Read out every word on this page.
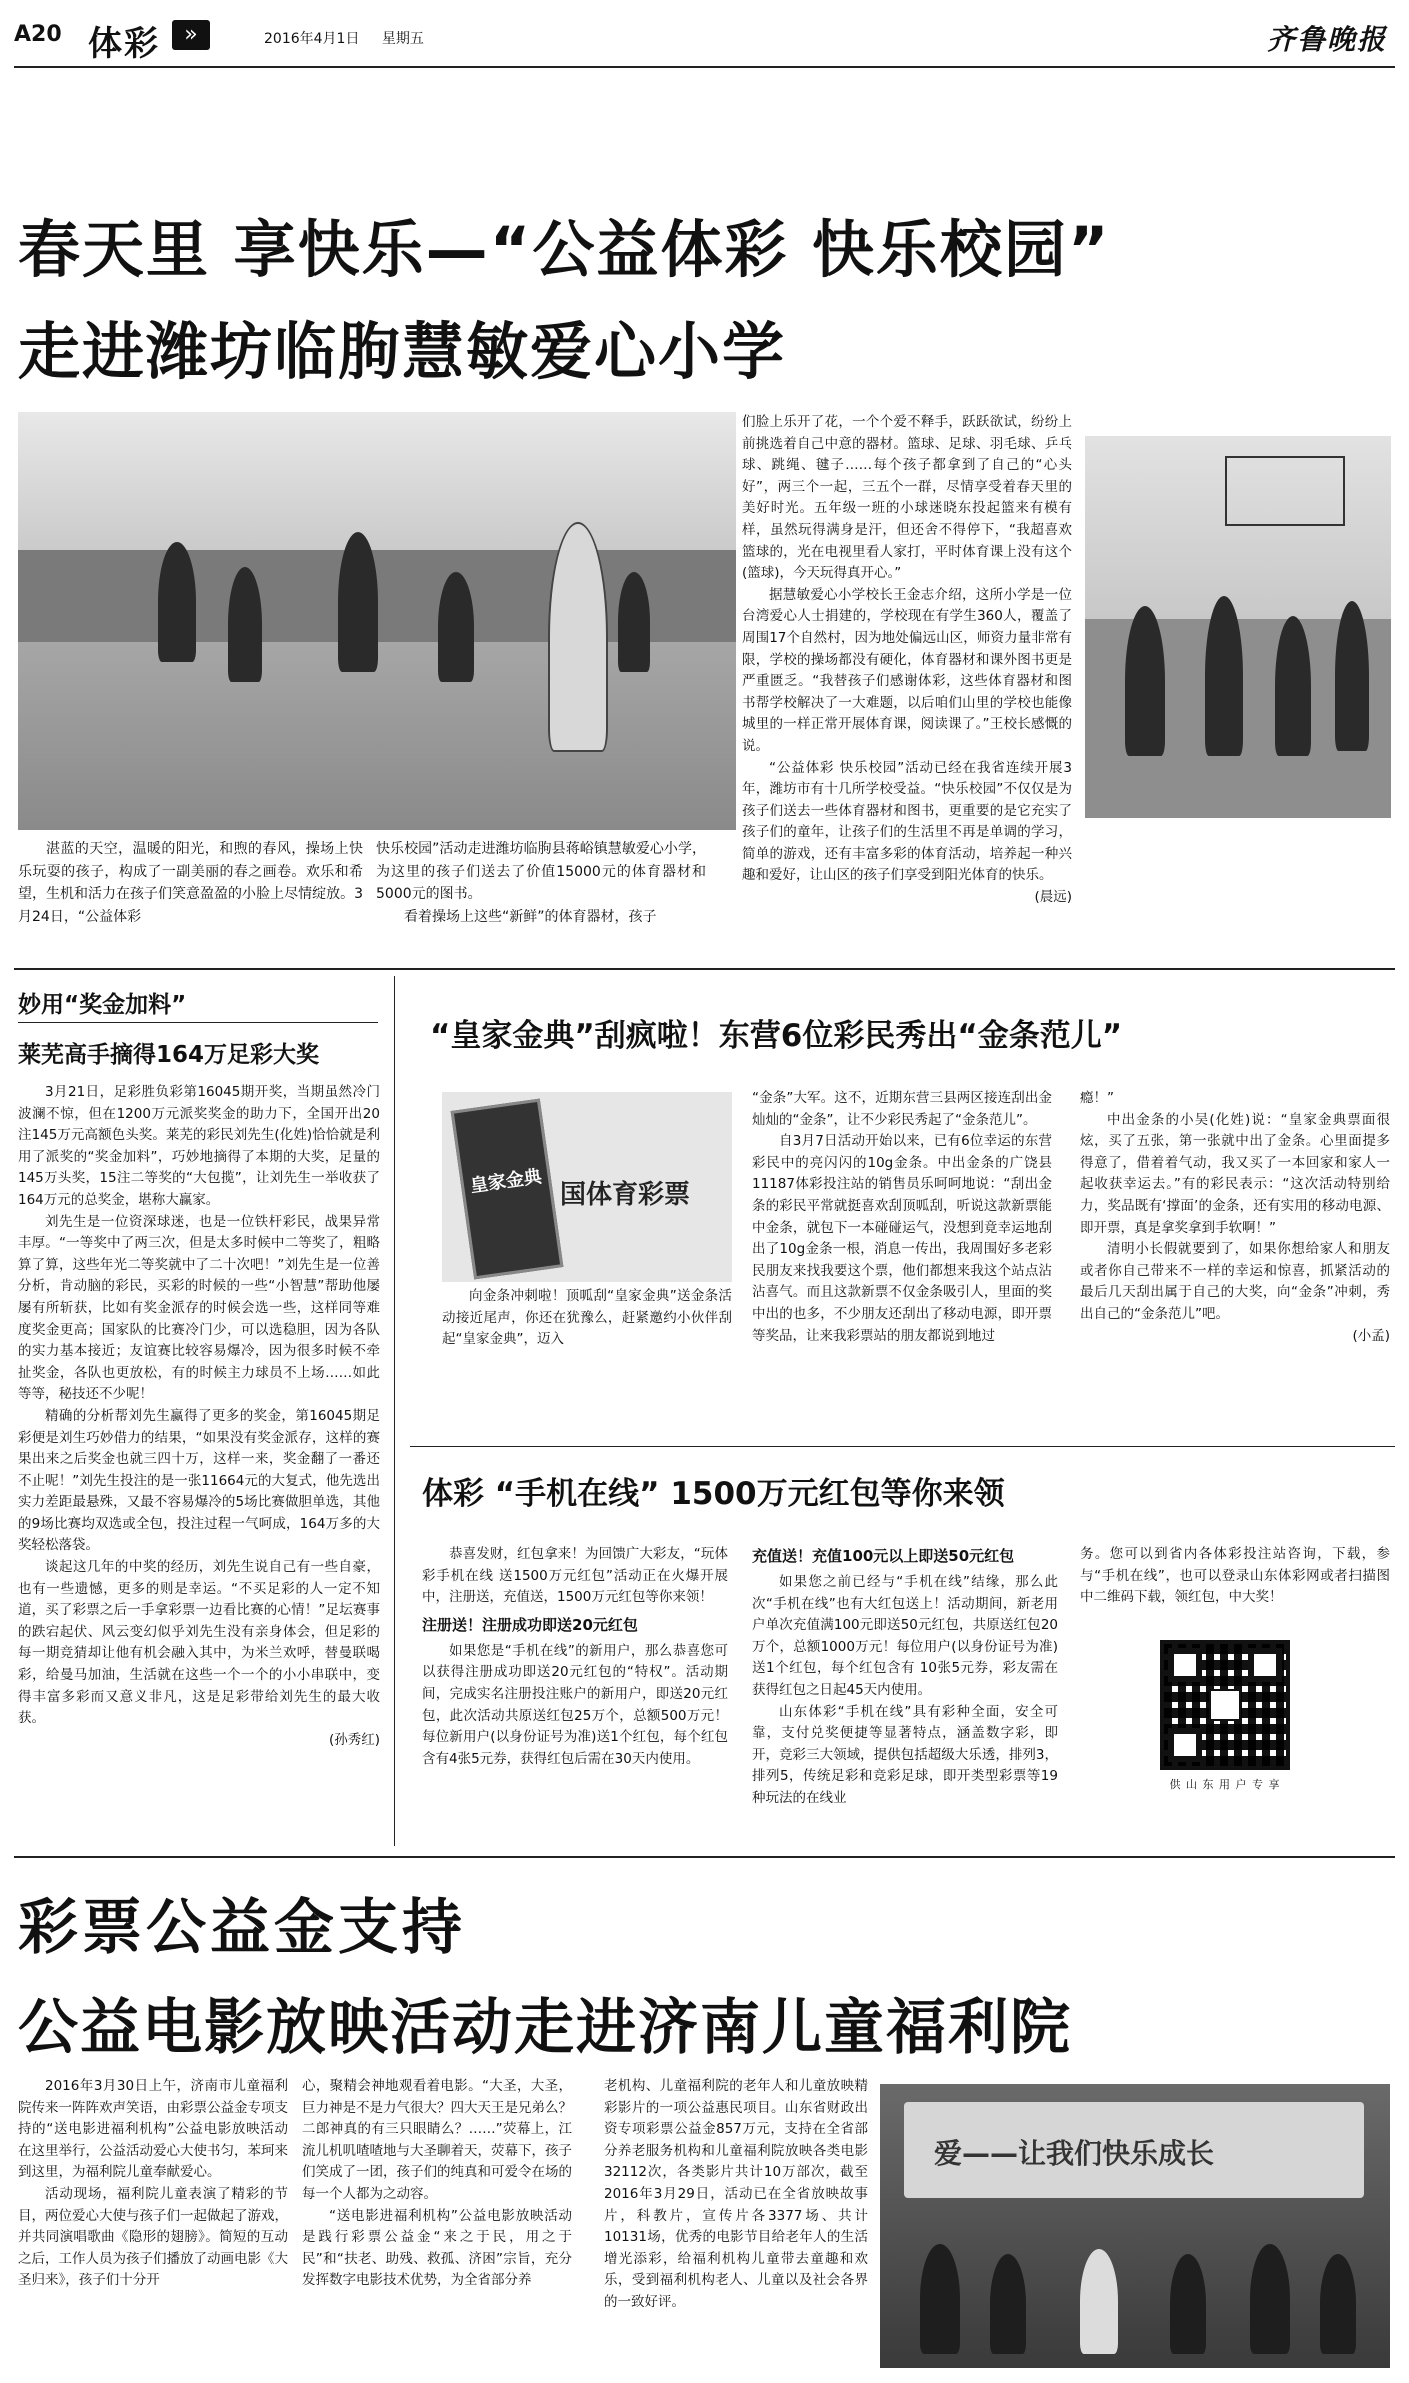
A20 体彩	»	2016年4月1日 星期五	齐鲁晚报
春天里 享快乐—“公益体彩 快乐校园”
走进潍坊临朐慧敏爱心小学

湛蓝的天空，温暖的阳光，和煦的春风，操场上快乐玩耍的孩子，构成了一副美丽的春之画卷。欢乐和希望，生机和活力在孩子们笑意盈盈的小脸上尽情绽放。3月24日，“公益体彩

快乐校园”活动走进潍坊临朐县蒋峪镇慧敏爱心小学，为这里的孩子们送去了价值15000元的体育器材和5000元的图书。

看着操场上这些“新鲜”的体育器材，孩子

们脸上乐开了花，一个个爱不释手，跃跃欲试，纷纷上前挑选着自己中意的器材。篮球、足球、羽毛球、乒乓球、跳绳、毽子……每个孩子都拿到了自己的“心头好”，两三个一起，三五个一群，尽情享受着春天里的美好时光。五年级一班的小球迷晓东投起篮来有模有样，虽然玩得满身是汗，但还舍不得停下，“我超喜欢篮球的，光在电视里看人家打，平时体育课上没有这个(篮球)，今天玩得真开心。”

据慧敏爱心小学校长王金志介绍，这所小学是一位台湾爱心人士捐建的，学校现在有学生360人，覆盖了周围17个自然村，因为地处偏远山区，师资力量非常有限，学校的操场都没有硬化，体育器材和课外图书更是严重匮乏。“我替孩子们感谢体彩，这些体育器材和图书帮学校解决了一大难题，以后咱们山里的学校也能像城里的一样正常开展体育课，阅读课了。”王校长感慨的说。

“公益体彩 快乐校园”活动已经在我省连续开展3年，潍坊市有十几所学校受益。“快乐校园”不仅仅是为孩子们送去一些体育器材和图书，更重要的是它充实了孩子们的童年，让孩子们的生活里不再是单调的学习，简单的游戏，还有丰富多彩的体育活动，培养起一种兴趣和爱好，让山区的孩子们享受到阳光体育的快乐。

(晨远)

妙用“奖金加料”
莱芜高手摘得164万足彩大奖

3月21日，足彩胜负彩第16045期开奖，当期虽然冷门波澜不惊，但在1200万元派奖奖金的助力下，全国开出20注145万元高额色头奖。莱芜的彩民刘先生(化姓)恰恰就是利用了派奖的“奖金加料”，巧妙地摘得了本期的大奖，足量的145万头奖，15注二等奖的“大包揽”，让刘先生一举收获了164万元的总奖金，堪称大赢家。

刘先生是一位资深球迷，也是一位铁杆彩民，战果异常丰厚。“一等奖中了两三次，但是太多时候中二等奖了，粗略算了算，这些年光二等奖就中了二十次吧！”刘先生是一位善分析，肯动脑的彩民，买彩的时候的一些“小智慧”帮助他屡屡有所斩获，比如有奖金派存的时候会选一些，这样同等难度奖金更高；国家队的比赛冷门少，可以选稳胆，因为各队的实力基本接近；友谊赛比较容易爆冷，因为很多时候不牵扯奖金，各队也更放松，有的时候主力球员不上场……如此等等，秘技还不少呢！

精确的分析帮刘先生赢得了更多的奖金，第16045期足彩便是刘生巧妙借力的结果，“如果没有奖金派存，这样的赛果出来之后奖金也就三四十万，这样一来，奖金翻了一番还不止呢！”刘先生投注的是一张11664元的大复式，他先选出实力差距最悬殊，又最不容易爆冷的5场比赛做胆单选，其他的9场比赛均双选或全包，投注过程一气呵成，164万多的大奖轻松落袋。

谈起这几年的中奖的经历，刘先生说自己有一些自豪，也有一些遗憾，更多的则是幸运。“不买足彩的人一定不知道，买了彩票之后一手拿彩票一边看比赛的心情！”足坛赛事的跌宕起伏、风云变幻似乎刘先生没有亲身体会，但足彩的每一期竞猜却让他有机会融入其中，为米兰欢呼，替曼联喝彩，给曼马加油，生活就在这些一个一个的小小串联中，变得丰富多彩而又意义非凡，这是足彩带给刘先生的最大收获。

(孙秀红)

“皇家金典”刮疯啦！东营6位彩民秀出“金条范儿”
皇家金典 国体育彩票

向金条冲刺啦！顶呱刮“皇家金典”送金条活动接近尾声，你还在犹豫么，赶紧邀约小伙伴刮起“皇家金典”，迈入

“金条”大军。这不，近期东营三县两区接连刮出金灿灿的“金条”，让不少彩民秀起了“金条范儿”。

自3月7日活动开始以来，已有6位幸运的东营彩民中的亮闪闪的10g金条。中出金条的广饶县11187体彩投注站的销售员乐呵呵地说：“刮出金条的彩民平常就挺喜欢刮顶呱刮，听说这款新票能中金条，就包下一本碰碰运气，没想到竟幸运地刮出了10g金条一根，消息一传出，我周围好多老彩民朋友来找我要这个票，他们都想来我这个站点沾沾喜气。而且这款新票不仅金条吸引人，里面的奖中出的也多，不少朋友还刮出了移动电源，即开票等奖品，让来我彩票站的朋友都说到地过

瘾！”

中出金条的小吴(化姓)说：“皇家金典票面很炫，买了五张，第一张就中出了金条。心里面提多得意了，借着着气动，我又买了一本回家和家人一起收获幸运去。”有的彩民表示：“这次活动特别给力，奖品既有‘撑面’的金条，还有实用的移动电源、即开票，真是拿奖拿到手软啊！”

清明小长假就要到了，如果你想给家人和朋友或者你自己带来不一样的幸运和惊喜，抓紧活动的最后几天刮出属于自己的大奖，向“金条”冲刺，秀出自己的“金条范儿”吧。

(小孟)

体彩 “手机在线” 1500万元红包等你来领

恭喜发财，红包拿来！为回馈广大彩友，“玩体彩手机在线 送1500万元红包”活动正在火爆开展中，注册送，充值送，1500万元红包等你来领！

注册送！注册成功即送20元红包

如果您是“手机在线”的新用户，那么恭喜您可以获得注册成功即送20元红包的“特权”。活动期间，完成实名注册投注账户的新用户，即送20元红包，此次活动共原送红包25万个，总额500万元！每位新用户(以身份证号为准)送1个红包，每个红包含有4张5元券，获得红包后需在30天内使用。

充值送！充值100元以上即送50元红包

如果您之前已经与“手机在线”结缘，那么此次“手机在线”也有大红包送上！活动期间，新老用户单次充值满100元即送50元红包，共原送红包20万个，总额1000万元！每位用户(以身份证号为准)送1个红包，每个红包含有 10张5元券，彩友需在获得红包之日起45天内使用。

山东体彩“手机在线”具有彩种全面，安全可靠，支付兑奖便捷等显著特点，涵盖数字彩，即开，竞彩三大领域，提供包括超级大乐透，排列3，排列5，传统足彩和竞彩足球，即开类型彩票等19种玩法的在线业

务。您可以到省内各体彩投注站咨询，下载，参与“手机在线”，也可以登录山东体彩网或者扫描图中二维码下载，领红包，中大奖！

供 山 东 用 户 专 享
彩票公益金支持
公益电影放映活动走进济南儿童福利院

2016年3月30日上午，济南市儿童福利院传来一阵阵欢声笑语，由彩票公益金专项支持的“送电影进福利机构”公益电影放映活动在这里举行，公益活动爱心大使书匀，苯珂来到这里，为福利院儿童奉献爱心。

活动现场，福利院儿童表演了精彩的节目，两位爱心大使与孩子们一起做起了游戏，并共同演唱歌曲《隐形的翅膀》。简短的互动之后，工作人员为孩子们播放了动画电影《大圣归来》，孩子们十分开

心，聚精会神地观看着电影。“大圣，大圣，巨力神是不是力气很大？四大天王是兄弟么？二郎神真的有三只眼睛么？……”荧幕上，江流儿机叽喳喳地与大圣聊着天，荧幕下，孩子们笑成了一团，孩子们的纯真和可爱令在场的每一个人都为之动容。

“送电影进福利机构”公益电影放映活动是践行彩票公益金“来之于民，用之于民”和“扶老、助残、救孤、济困”宗旨，充分发挥数字电影技术优势，为全省部分养

老机构、儿童福利院的老年人和儿童放映精彩影片的一项公益惠民项目。山东省财政出资专项彩票公益金857万元，支持在全省部分养老服务机构和儿童福利院放映各类电影32112次，各类影片共计10万部次，截至2016年3月29日，活动已在全省放映故事片，科教片，宣传片各3377场、共计10131场，优秀的电影节目给老年人的生活增光添彩，给福利机构儿童带去童趣和欢乐，受到福利机构老人、儿童以及社会各界的一致好评。

爱——让我们快乐成长
